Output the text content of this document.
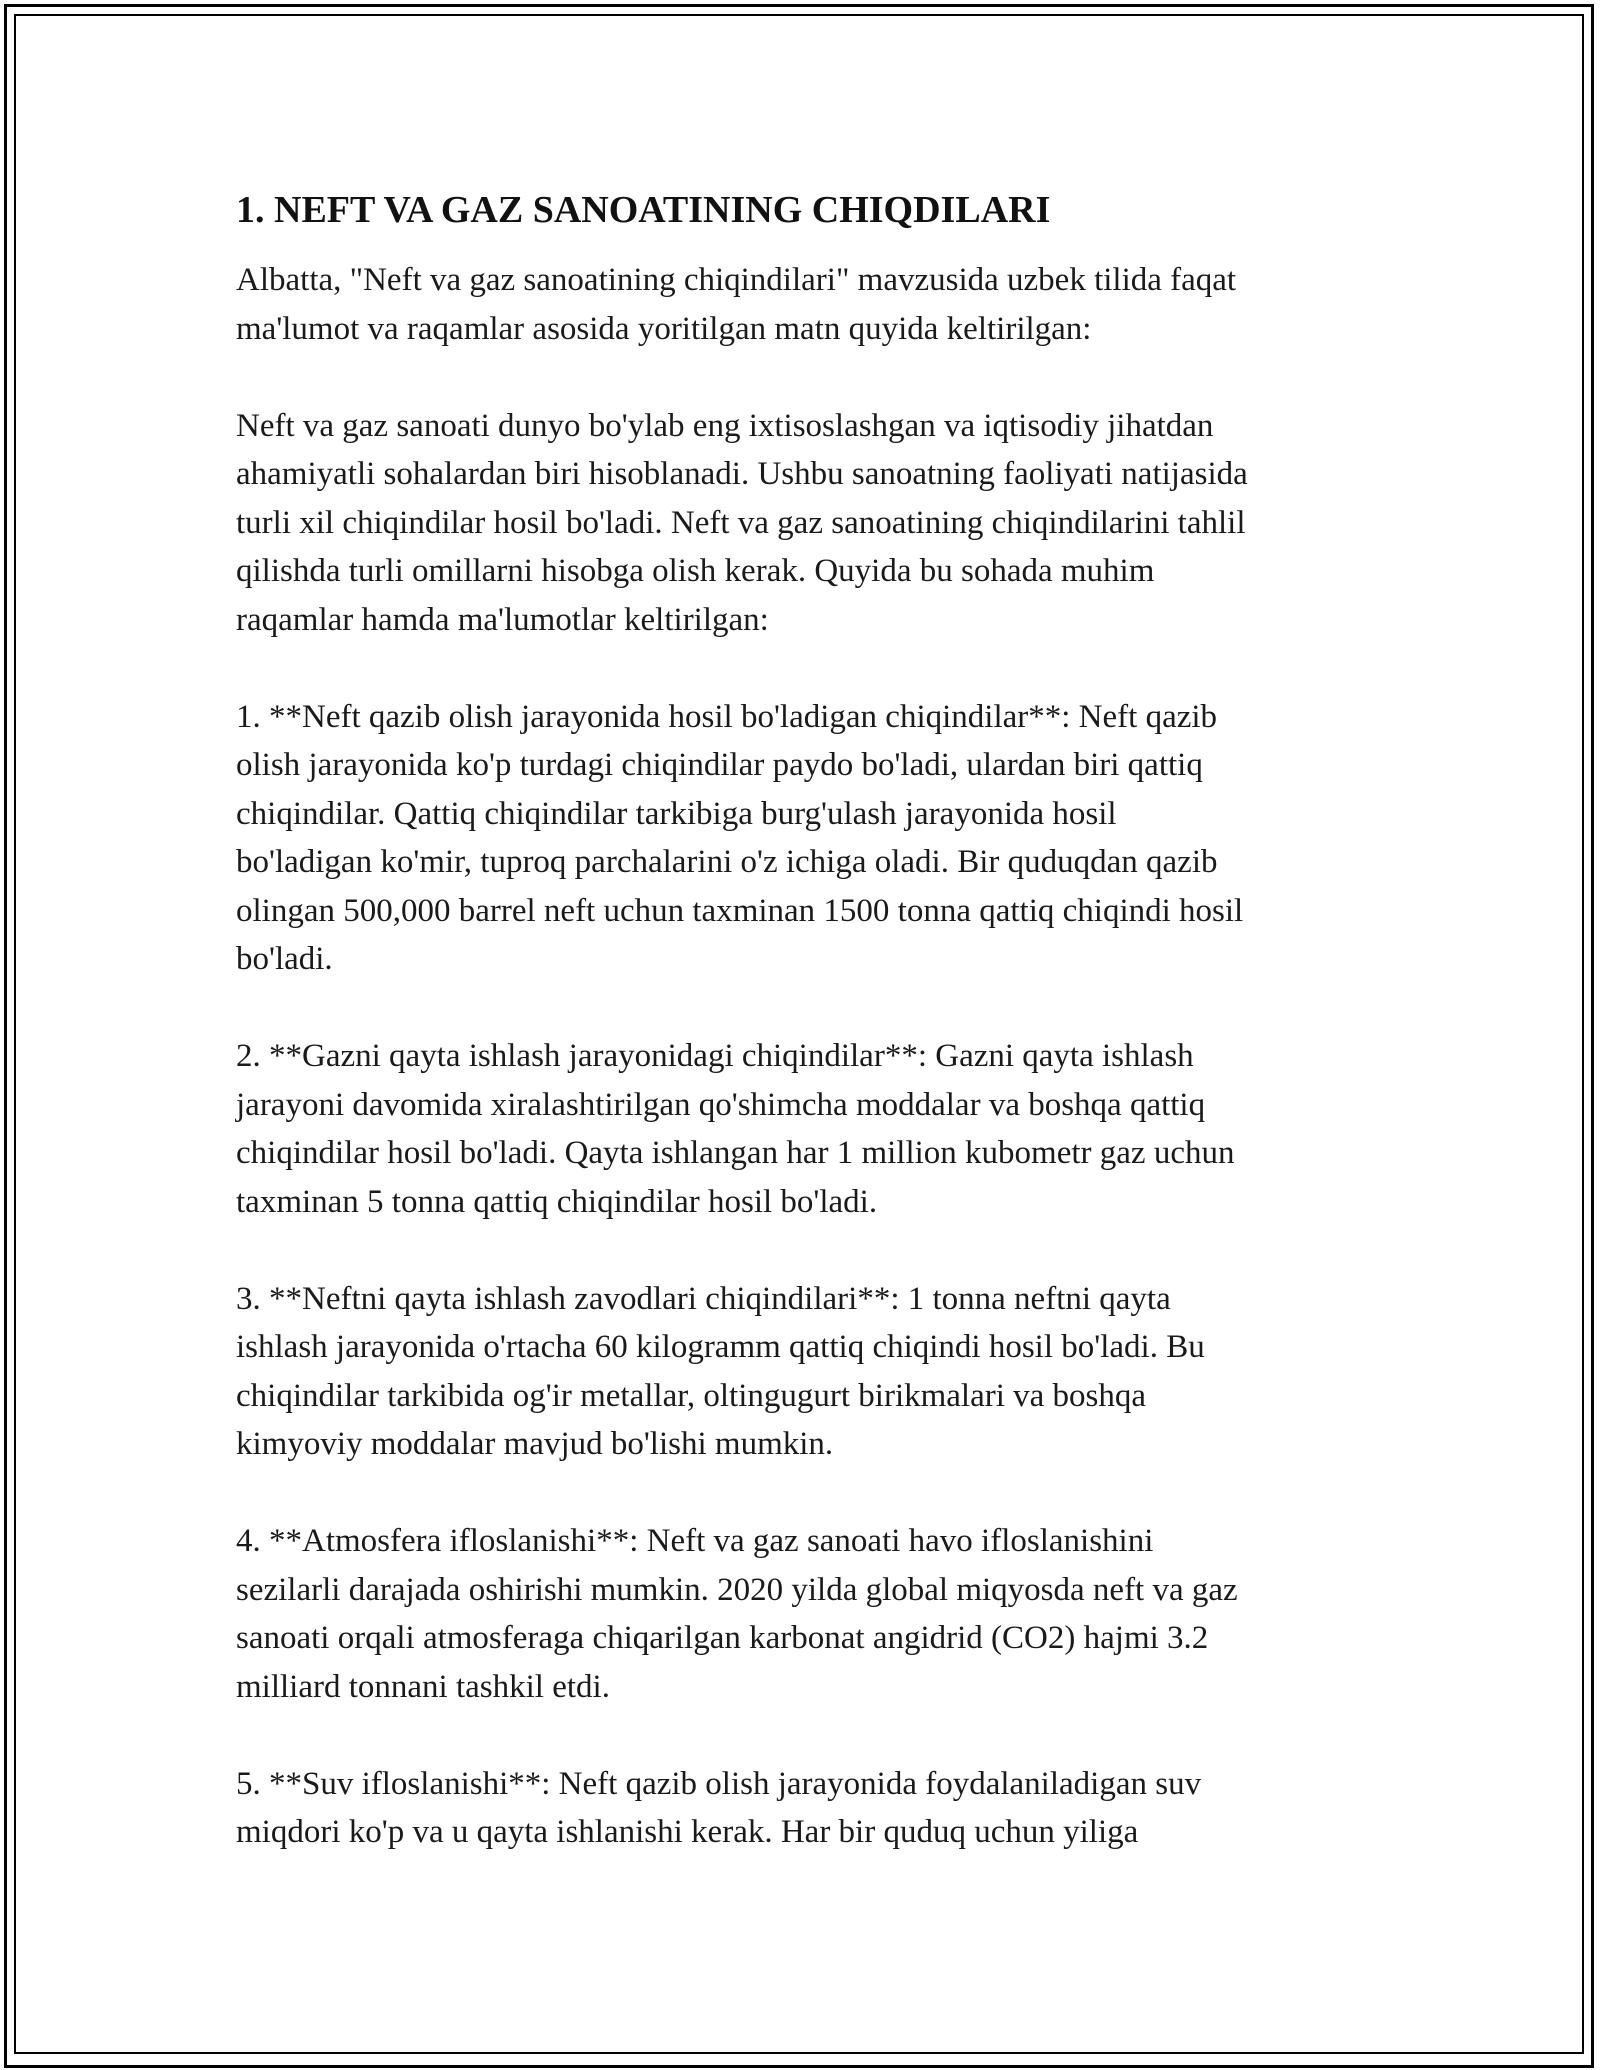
1. NEFT VA GAZ SANOATINING CHIQDILARI

Albatta, "Neft va gaz sanoatining chiqindilari" mavzusida uzbek tilida faqat
ma'lumot va raqamlar asosida yoritilgan matn quyida keltirilgan:

Neft va gaz sanoati dunyo bo'ylab eng ixtisoslashgan va iqtisodiy jihatdan
ahamiyatli sohalardan biri hisoblanadi. Ushbu sanoatning faoliyati natijasida
turli xil chiqindilar hosil bo'ladi. Neft va gaz sanoatining chiqindilarini tahlil
qilishda turli omillarni hisobga olish kerak. Quyida bu sohada muhim
raqamlar hamda ma'lumotlar keltirilgan:

1. **Neft qazib olish jarayonida hosil bo'ladigan chiqindilar**: Neft qazib
olish jarayonida ko'p turdagi chiqindilar paydo bo'ladi, ulardan biri qattiq
chiqindilar. Qattiq chiqindilar tarkibiga burg'ulash jarayonida hosil
bo'ladigan ko'mir, tuproq parchalarini o'z ichiga oladi. Bir quduqdan qazib
olingan 500,000 barrel neft uchun taxminan 1500 tonna qattiq chiqindi hosil
bo'ladi.

2. **Gazni qayta ishlash jarayonidagi chiqindilar**: Gazni qayta ishlash
jarayoni davomida xiralashtirilgan qo'shimcha moddalar va boshqa qattiq
chiqindilar hosil bo'ladi. Qayta ishlangan har 1 million kubometr gaz uchun
taxminan 5 tonna qattiq chiqindilar hosil bo'ladi.

3. **Neftni qayta ishlash zavodlari chiqindilari**: 1 tonna neftni qayta
ishlash jarayonida o'rtacha 60 kilogramm qattiq chiqindi hosil bo'ladi. Bu
chiqindilar tarkibida og'ir metallar, oltingugurt birikmalari va boshqa
kimyoviy moddalar mavjud bo'lishi mumkin.

4. **Atmosfera ifloslanishi**: Neft va gaz sanoati havo ifloslanishini
sezilarli darajada oshirishi mumkin. 2020 yilda global miqyosda neft va gaz
sanoati orqali atmosferaga chiqarilgan karbonat angidrid (CO2) hajmi 3.2
milliard tonnani tashkil etdi.

5. **Suv ifloslanishi**: Neft qazib olish jarayonida foydalaniladigan suv
miqdori ko'p va u qayta ishlanishi kerak. Har bir quduq uchun yiliga
